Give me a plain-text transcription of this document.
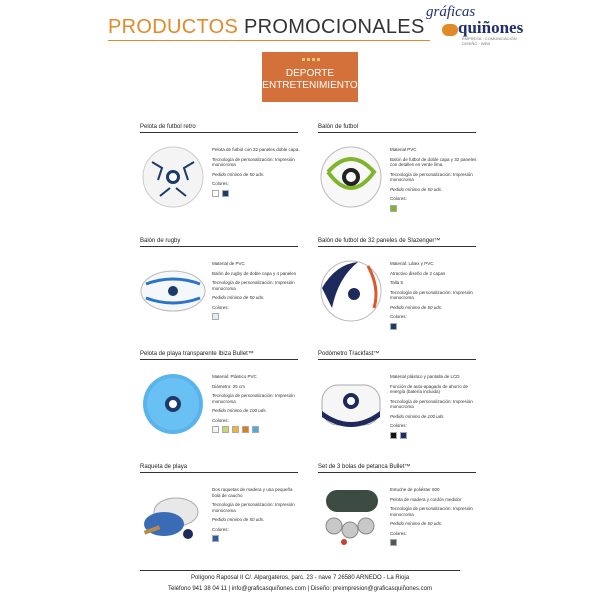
PRODUCTOS PROMOCIONALES
gráficas
quiñones
EMPRESA · COMUNICACIÓN · DISEÑO · WEB
DEPORTE
ENTRETENIMIENTO
Pelota de futbol retro

Pelota de futbol con 32 paneles doble capa.

Tecnología de personalización: Impresión monocroma

Pedido mínimo de 50 uds.

Colores:
Balón de futbol

Material PVC

Balón de futbol de doble capa y 32 paneles con detalles en verde lima.

Tecnología de personalización: Impresión monocroma

Pedido mínimo de 50 uds.

Colores:
Balón de rugby

Material de PVC

Balón de rugby de doble capa y 4 paneles

Tecnología de personalización: Impresión monocroma

Pedido mínimo de 50 uds.

Colores:
Balón de futbol de 32 paneles de Slazenger™

Material: Látex y PVC

Atractivo diseño de 2 capas

Talla 5

Tecnología de personalización: Impresión monocroma

Pedido mínimo de 50 uds.

Colores:
Pelota de playa transparente Ibiza Bullet™

Material: Plástico PVC

Diámetro: 25 cm

Tecnología de personalización: Impresión monocroma

Pedido mínimo de 100 uds.

Colores:
Podómetro Trackfast™

Material plástico y pantalla de LCD

Función de auto-apagado de ahorro de energía (batería incluida)

Tecnología de personalización: Impresión monocroma

Pedido mínimo de 100 uds.

Colores:
Raqueta de playa

Dos raquetas de madera y una pequeña bola de caucho

Tecnología de personalización: Impresión monocroma

Pedido mínimo de 50 uds.

Colores:
Set de 3 bolas de petanca Bullet™

Estuche de poliéster 600

Pelota de madera y cordón medidor

Tecnología de personalización: Impresión monocroma

Pedido mínimo de 50 uds.

Colores:
Polígono Raposal II C/. Alpargateros, parc. 23 - nave 7 26580 ARNEDO - La Rioja
Teléfono 941 38 04 11 | info@graficasquiñones.com | Diseño: preimpresion@graficasquiñones.com
